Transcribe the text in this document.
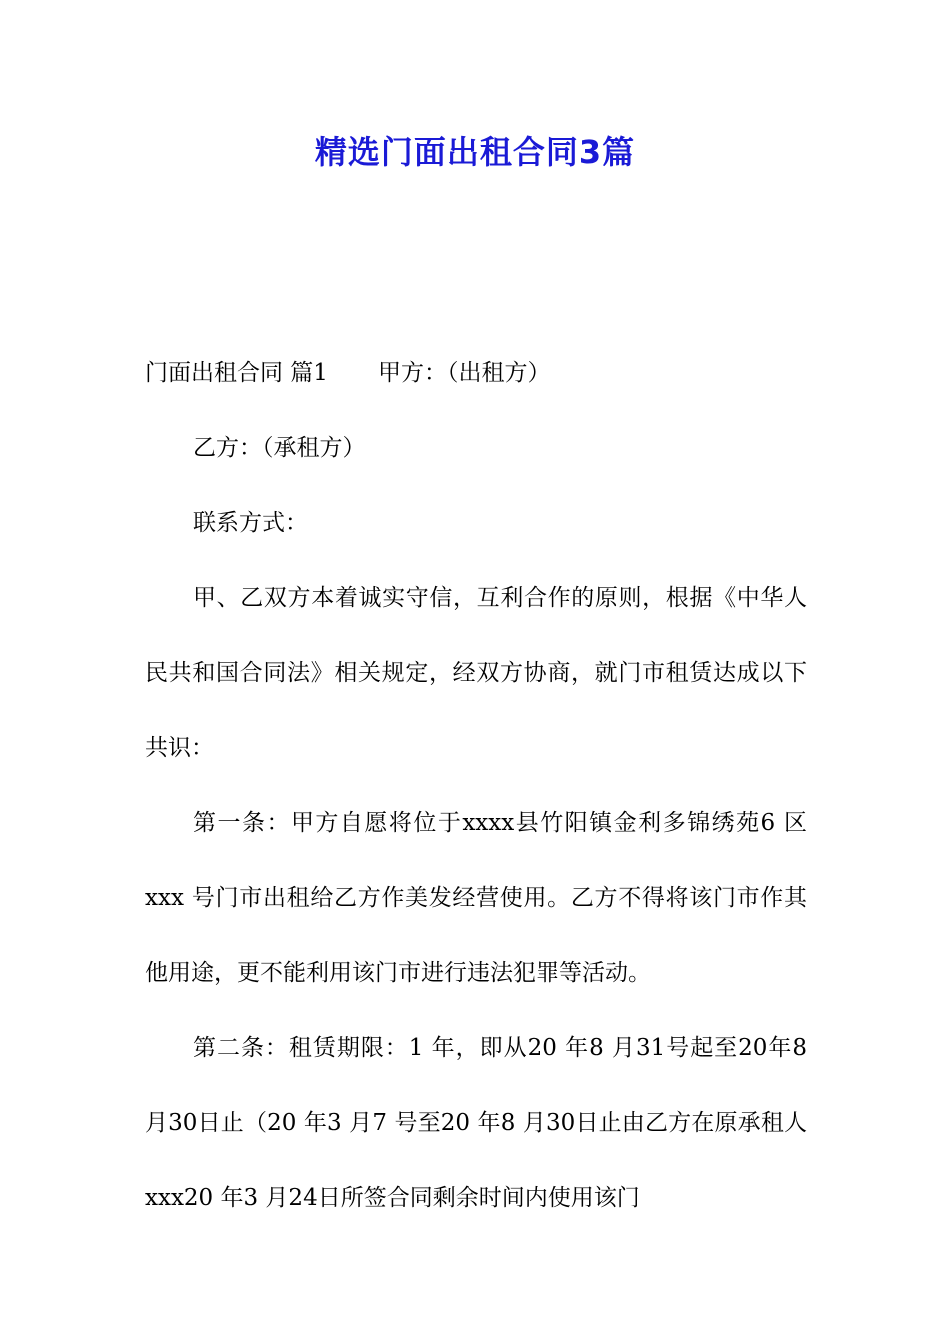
精选门面出租合同3篇

门面出租合同 篇1 甲方：（出租方）

乙方：（承租方）

联系方式：

甲、乙双方本着诚实守信，互利合作的原则，根据《中华人民共和国合同法》相关规定，经双方协商，就门市租赁达成以下共识：

第一条：甲方自愿将位于xxxx县竹阳镇金利多锦绣苑6 区xxx 号门市出租给乙方作美发经营使用。乙方不得将该门市作其他用途，更不能利用该门市进行违法犯罪等活动。

第二条：租赁期限：1 年，即从20 年8 月31号起至20年8 月30日止（20 年3 月7 号至20 年8 月30日止由乙方在原承租人xxx20 年3 月24日所签合同剩余时间内使用该门
